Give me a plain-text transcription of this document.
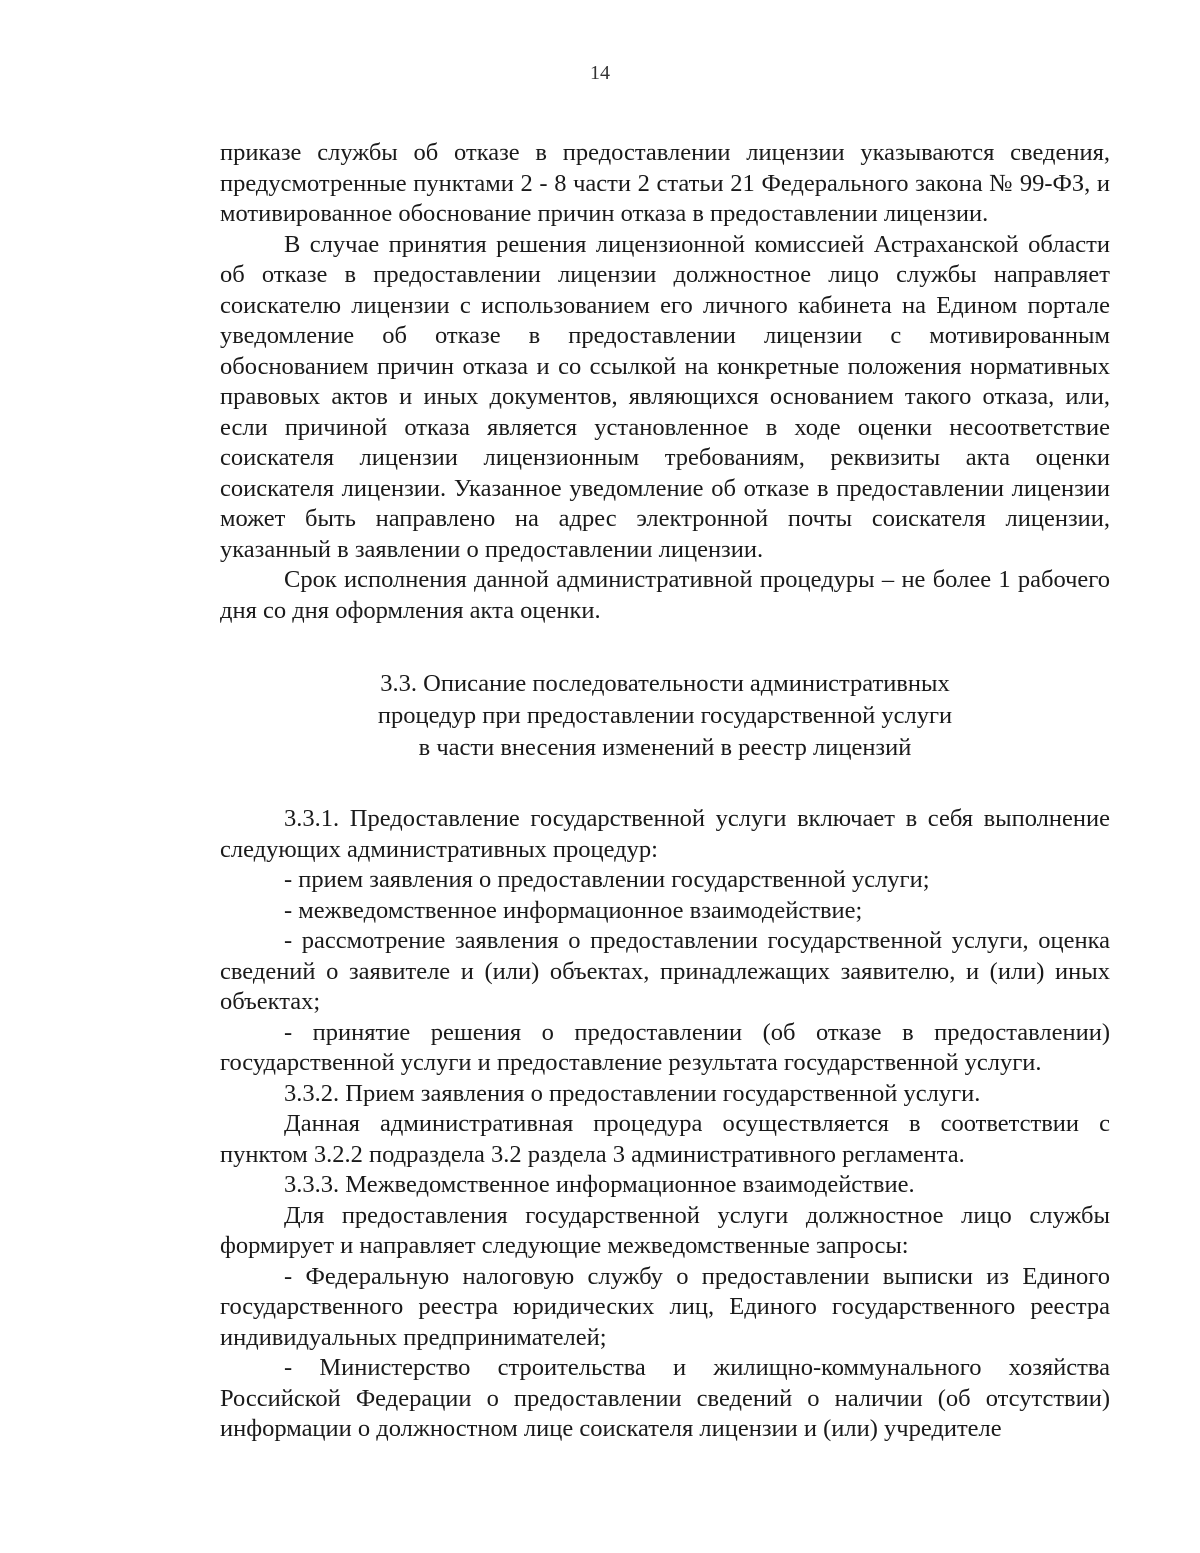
14

приказе службы об отказе в предоставлении лицензии указываются сведения, предусмотренные пунктами 2 - 8 части 2 статьи 21 Федерального закона № 99-ФЗ, и мотивированное обоснование причин отказа в предоставлении лицензии.

В случае принятия решения лицензионной комиссией Астраханской области об отказе в предоставлении лицензии должностное лицо службы направляет соискателю лицензии с использованием его личного кабинета на Едином портале уведомление об отказе в предоставлении лицензии с мотивированным обоснованием причин отказа и со ссылкой на конкретные положения нормативных правовых актов и иных документов, являющихся основанием такого отказа, или, если причиной отказа является установленное в ходе оценки несоответствие соискателя лицензии лицензионным требованиям, реквизиты акта оценки соискателя лицензии. Указанное уведомление об отказе в предоставлении лицензии может быть направлено на адрес электронной почты соискателя лицензии, указанный в заявлении о предоставлении лицензии.

Срок исполнения данной административной процедуры – не более 1 рабочего дня со дня оформления акта оценки.

3.3. Описание последовательности административных
процедур при предоставлении государственной услуги
в части внесения изменений в реестр лицензий

3.3.1. Предоставление государственной услуги включает в себя выполнение следующих административных процедур:

- прием заявления о предоставлении государственной услуги;

- межведомственное информационное взаимодействие;

- рассмотрение заявления о предоставлении государственной услуги, оценка сведений о заявителе и (или) объектах, принадлежащих заявителю, и (или) иных объектах;

- принятие решения о предоставлении (об отказе в предоставлении) государственной услуги и предоставление результата государственной услуги.

3.3.2. Прием заявления о предоставлении государственной услуги.

Данная административная процедура осуществляется в соответствии с пунктом 3.2.2 подраздела 3.2 раздела 3 административного регламента.

3.3.3. Межведомственное информационное взаимодействие.

Для предоставления государственной услуги должностное лицо службы формирует и направляет следующие межведомственные запросы:

- Федеральную налоговую службу о предоставлении выписки из Единого государственного реестра юридических лиц, Единого государственного реестра индивидуальных предпринимателей;

- Министерство строительства и жилищно-коммунального хозяйства Российской Федерации о предоставлении сведений о наличии (об отсутствии) информации о должностном лице соискателя лицензии и (или) учредителе
